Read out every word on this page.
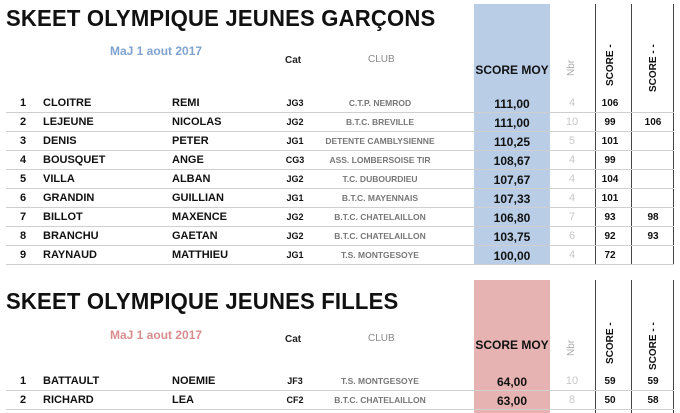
SKEET OLYMPIQUE JEUNES GARÇONS
MaJ 1 aout 2017
Cat	CLUB
SCORE MOY Nbr	SCORE -	SCORE - -
1	CLOITRE	REMI	JG3	C.T.P. NEMROD	111,00	4	106
2	LEJEUNE	NICOLAS	JG2	B.T.C. BREVILLE	111,00	10	99	106
3	DENIS	PETER	JG1	DETENTE CAMBLYSIENNE	110,25	5	101
4	BOUSQUET	ANGE	CG3	ASS. LOMBERSOISE TIR	108,67	4	99
5	VILLA	ALBAN	JG2	T.C. DUBOURDIEU	107,67	4	104
6	GRANDIN	GUILLIAN	JG1	B.T.C. MAYENNAIS	107,33	4	101
7	BILLOT	MAXENCE	JG2	B.T.C. CHATELAILLON	106,80	7	93	98
8	BRANCHU	GAETAN	JG2	B.T.C. CHATELAILLON	103,75	6	92	93
9	RAYNAUD	MATTHIEU	JG1	T.S. MONTGESOYE	100,00	4	72
SKEET OLYMPIQUE JEUNES FILLES
MaJ 1 aout 2017	Cat	CLUB	SCORE MOY Nbr	SCORE -	SCORE - -
1	BATTAULT	NOEMIE	JF3	T.S. MONTGESOYE	64,00	10	59	59
2	RICHARD	LEA	CF2	B.T.C. CHATELAILLON	63,00	8	50	58
